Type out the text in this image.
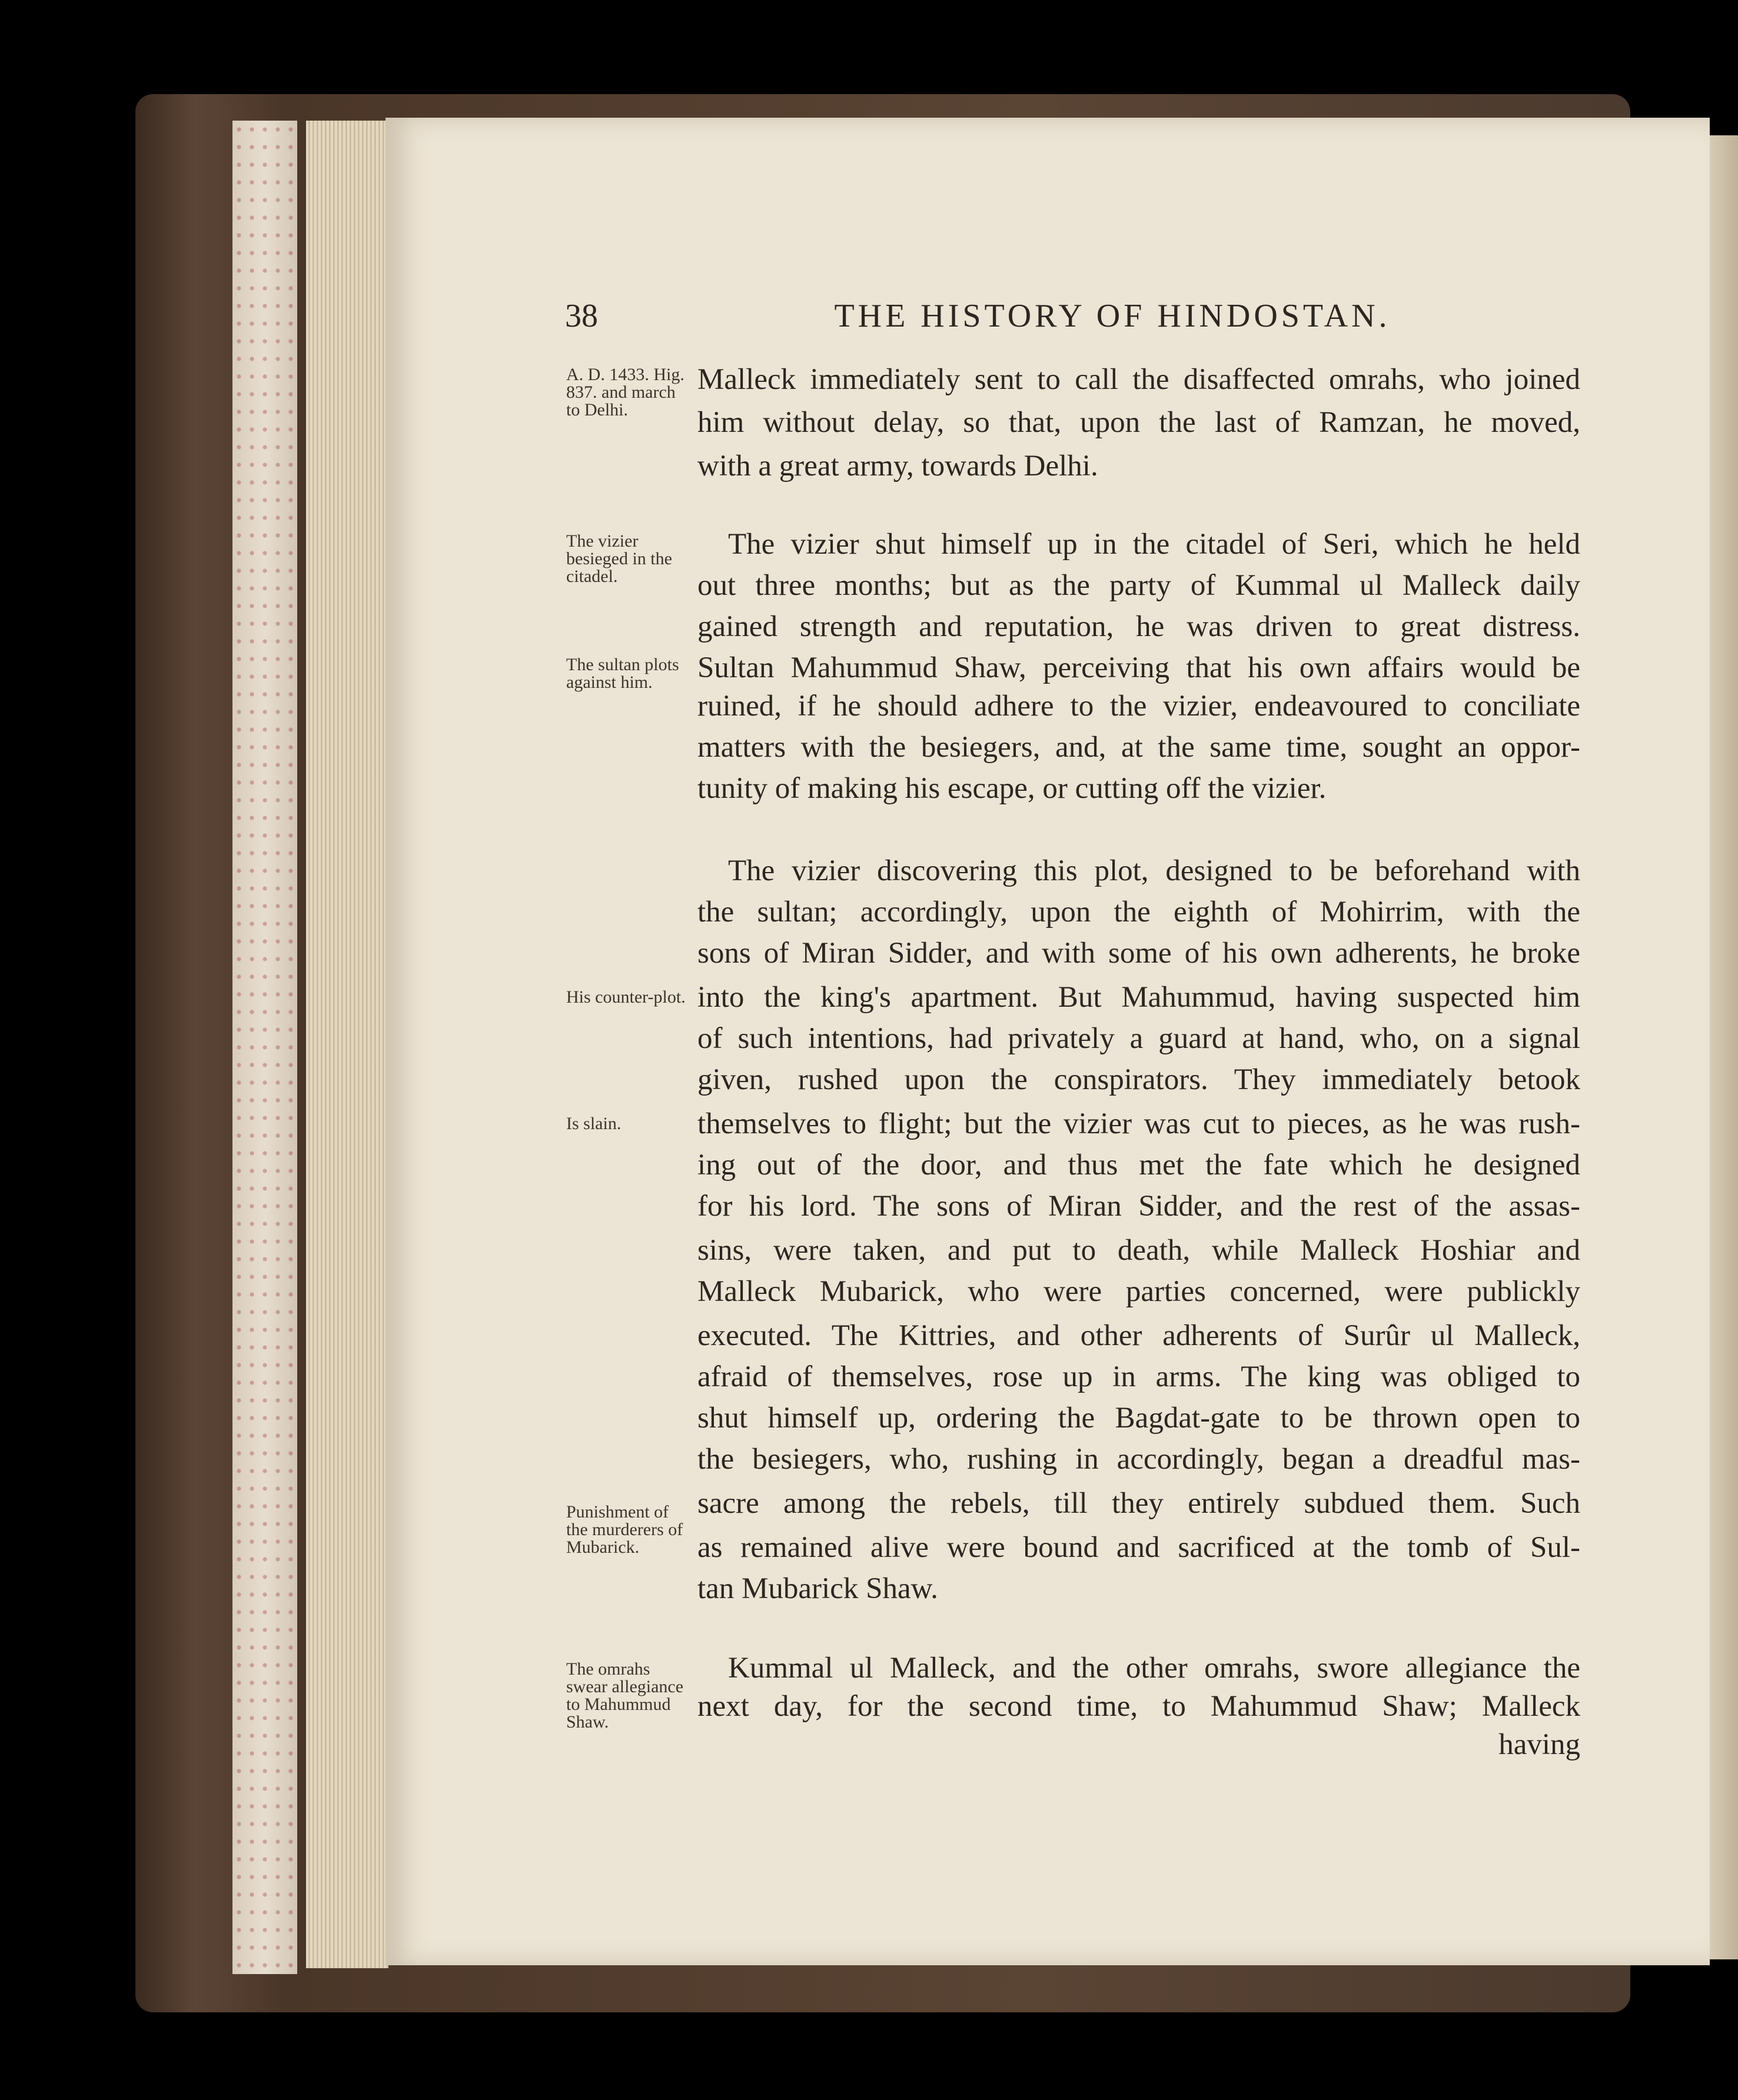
38	THE HISTORY OF HINDOSTAN.
A. D. 1433. Hig. 837. and march to Delhi.
The vizier besieged in the citadel.
The sultan plots against him.
His counter-plot.
Is slain.
Punishment of the murderers of Mubarick.
The omrahs swear allegiance to Mahummud Shaw.
Malleck immediately sent to call the disaffected omrahs, who joined
him without delay, so that, upon the last of Ramzan, he moved,
with a great army, towards Delhi.
The vizier shut himself up in the citadel of Seri, which he held
out three months; but as the party of Kummal ul Malleck daily
gained strength and reputation, he was driven to great distress.
Sultan Mahummud Shaw, perceiving that his own affairs would be
ruined, if he should adhere to the vizier, endeavoured to conciliate
matters with the besiegers, and, at the same time, sought an oppor-
tunity of making his escape, or cutting off the vizier.
The vizier discovering this plot, designed to be beforehand with
the sultan; accordingly, upon the eighth of Mohirrim, with the
sons of Miran Sidder, and with some of his own adherents, he broke
into the king's apartment. But Mahummud, having suspected him
of such intentions, had privately a guard at hand, who, on a signal
given, rushed upon the conspirators. They immediately betook
themselves to flight; but the vizier was cut to pieces, as he was rush-
ing out of the door, and thus met the fate which he designed
for his lord. The sons of Miran Sidder, and the rest of the assas-
sins, were taken, and put to death, while Malleck Hoshiar and
Malleck Mubarick, who were parties concerned, were publickly
executed. The Kittries, and other adherents of Surûr ul Malleck,
afraid of themselves, rose up in arms. The king was obliged to
shut himself up, ordering the Bagdat-gate to be thrown open to
the besiegers, who, rushing in accordingly, began a dreadful mas-
sacre among the rebels, till they entirely subdued them. Such
as remained alive were bound and sacrificed at the tomb of Sul-
tan Mubarick Shaw.
Kummal ul Malleck, and the other omrahs, swore allegiance the
next day, for the second time, to Mahummud Shaw; Malleck
having
